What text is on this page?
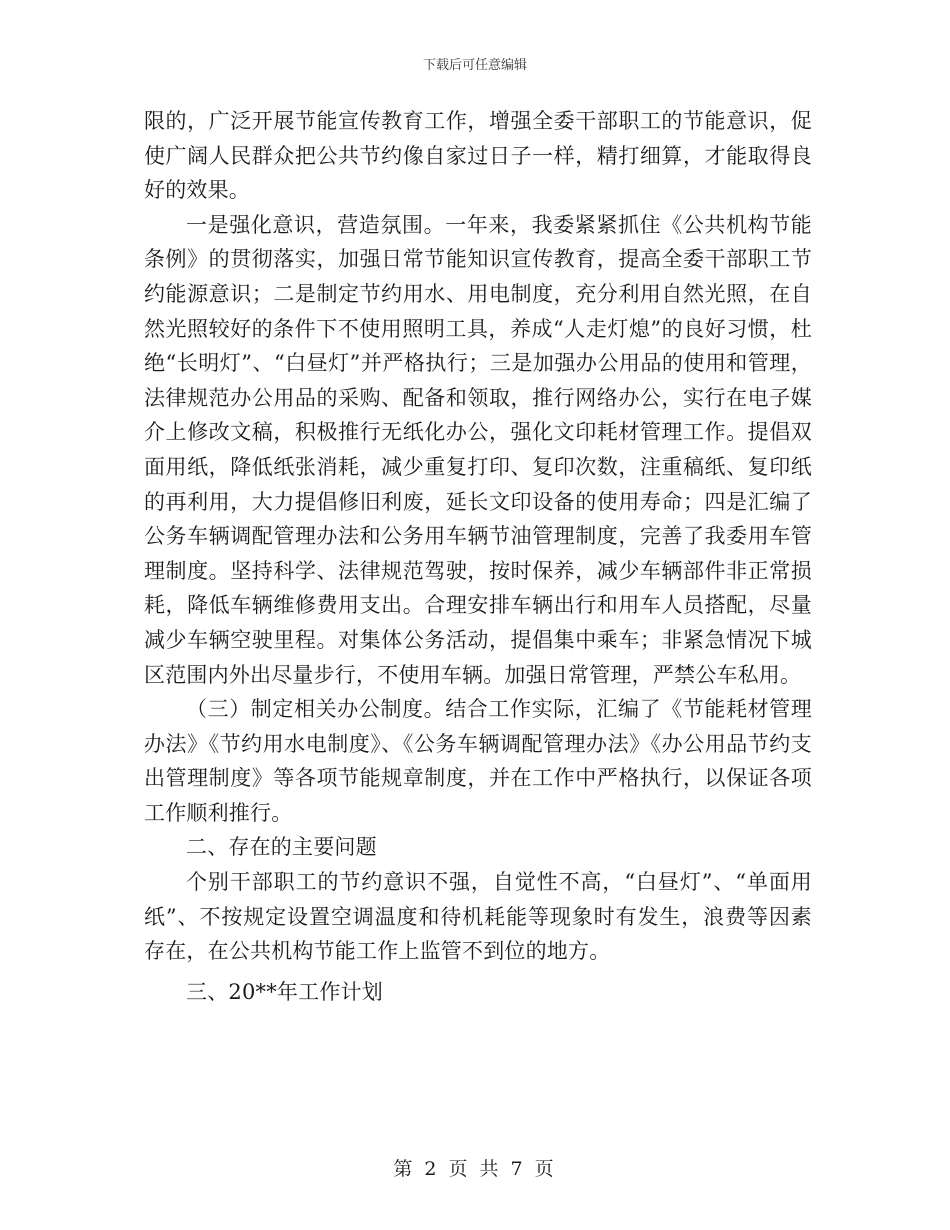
下载后可任意编辑

限的，广泛开展节能宣传教育工作，增强全委干部职工的节能意识，促使广阔人民群众把公共节约像自家过日子一样，精打细算，才能取得良好的效果。

一是强化意识，营造氛围。一年来，我委紧紧抓住《公共机构节能条例》的贯彻落实，加强日常节能知识宣传教育，提高全委干部职工节约能源意识；二是制定节约用水、用电制度，充分利用自然光照，在自然光照较好的条件下不使用照明工具，养成“人走灯熄”的良好习惯，杜绝“长明灯”、“白昼灯”并严格执行；三是加强办公用品的使用和管理，法律规范办公用品的采购、配备和领取，推行网络办公，实行在电子媒介上修改文稿，积极推行无纸化办公，强化文印耗材管理工作。提倡双面用纸，降低纸张消耗，减少重复打印、复印次数，注重稿纸、复印纸的再利用，大力提倡修旧利废，延长文印设备的使用寿命；四是汇编了公务车辆调配管理办法和公务用车辆节油管理制度，完善了我委用车管理制度。坚持科学、法律规范驾驶，按时保养，减少车辆部件非正常损耗，降低车辆维修费用支出。合理安排车辆出行和用车人员搭配，尽量减少车辆空驶里程。对集体公务活动，提倡集中乘车；非紧急情况下城区范围内外出尽量步行，不使用车辆。加强日常管理，严禁公车私用。

（三）制定相关办公制度。结合工作实际，汇编了《节能耗材管理办法》《节约用水电制度》、《公务车辆调配管理办法》《办公用品节约支出管理制度》等各项节能规章制度，并在工作中严格执行，以保证各项工作顺利推行。

二、存在的主要问题

个别干部职工的节约意识不强，自觉性不高，“白昼灯”、“单面用纸”、不按规定设置空调温度和待机耗能等现象时有发生，浪费等因素存在，在公共机构节能工作上监管不到位的地方。

三、20**年工作计划

第 2 页 共 7 页
